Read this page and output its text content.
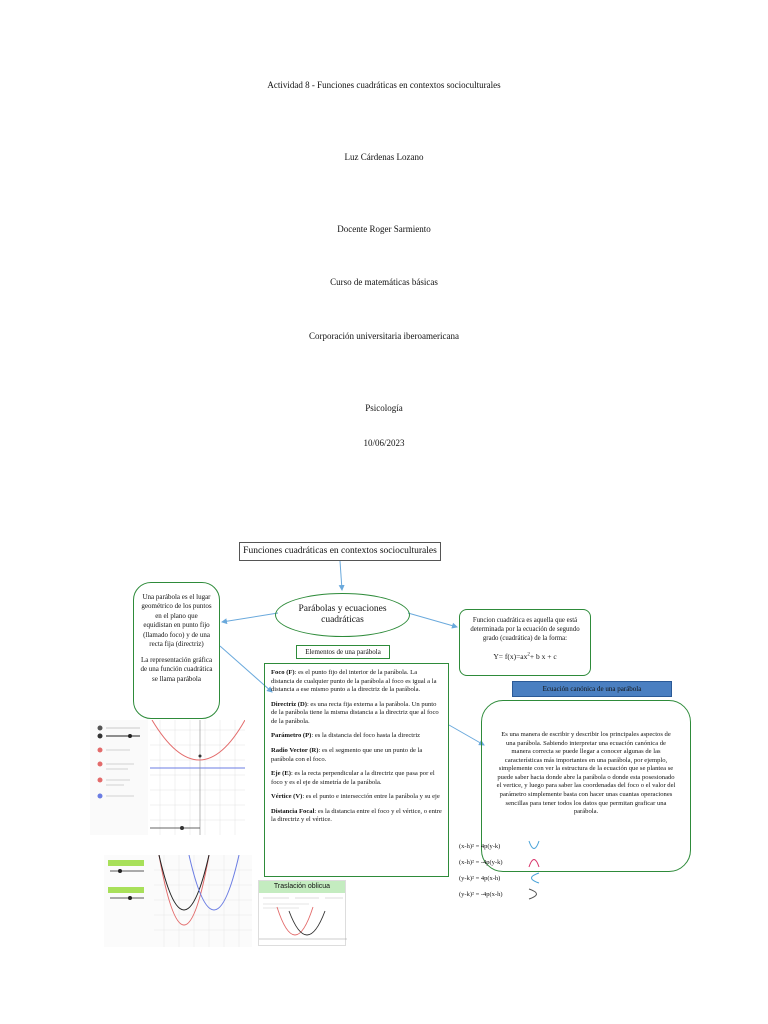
Actividad 8 - Funciones cuadráticas en contextos socioculturales
Luz Cárdenas Lozano
Docente Roger Sarmiento
Curso de matemáticas básicas
Corporación universitaria iberoamericana
Psicología
10/06/2023
Funciones cuadráticas en contextos socioculturales

Una parábola es el lugar geométrico de los puntos en el plano que equidistan en punto fijo (llamado foco) y de una recta fija (directriz)

La representación gráfica de una función cuadrática se llama parábola

Parábolas y ecuaciones cuadráticas	Funcion cuadrática es aquella que está determinada por la ecuación de segundo grado (cuadrática) de la forma:
$Y= f(x)=ax^2+ b$ x + c
Elementos de una parábola

Foco (F): es el punto fijo del interior de la parábola. La distancia de cualquier punto de la parábola al foco es igual a la distancia a ese mismo punto a la directriz de la parábola.

Directriz (D): es una recta fija externa a la parábola. Un punto de la parábola tiene la misma distancia a la directriz que al foco de la parábola.

Parámetro (P): es la distancia del foco hasta la directriz

Radio Vector (R): es el segmento que une un punto de la parábola con el foco.

Eje (E): es la recta perpendicular a la directriz que pasa por el foco y es el eje de simetría de la parábola.

Vértice (V): es el punto e intersección entre la parábola y su eje

Distancia Focal: es la distancia entre el foco y el vértice, o entre la directriz y el vértice.

Ecuación canónica de una parábola
Es una manera de escribir y describir los principales aspectos de una parábola. Sabiendo interpretar una ecuación canónica de manera correcta se puede llegar a conocer algunas de las características más importantes en una parábola, por ejemplo, simplemente con ver la estructura de la ecuación que se plantea se puede saber hacia donde abre la parábola o donde esta posesionado el vertice, y luego para saber las coordenadas del foco o el valor del parámetro simplemente basta con hacer unas cuantas operaciones sencillas para tener todos los datos que permitan graficar una parábola.
(x-h)² = 4p(y-k)
(x-h)² = -4p(y-k)
(y-k)² = 4p(x-h)
(y-k)² = -4p(x-h)
Traslación oblicua
